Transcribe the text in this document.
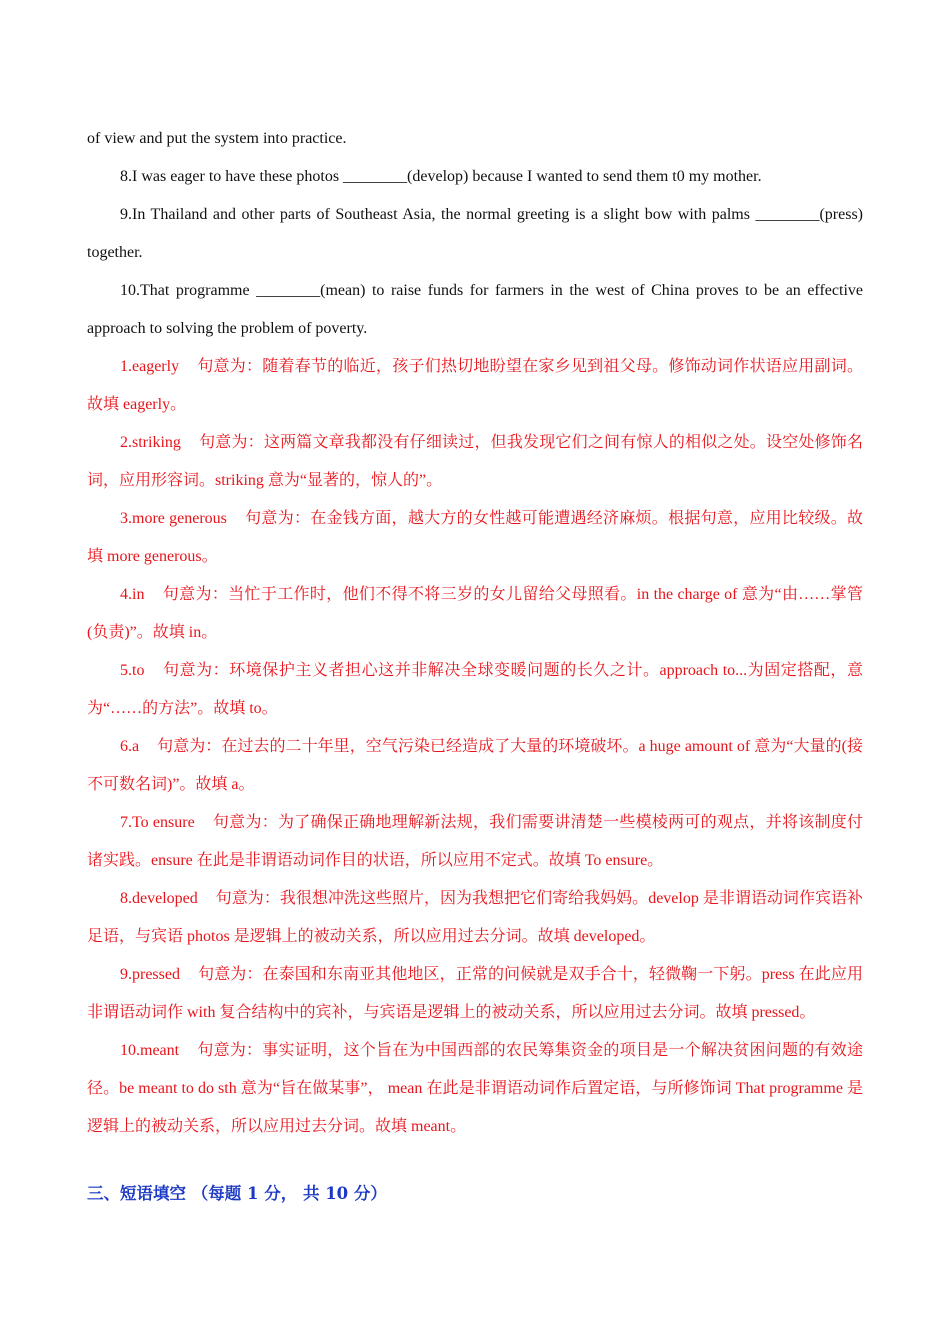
of view and put the system into practice.

8.I was eager to have these photos ________(develop) because I wanted to send them t0 my mother.

9.In Thailand and other parts of Southeast Asia, the normal greeting is a slight bow with palms ________(press) together.

10.That programme ________(mean) to raise funds for farmers in the west of China proves to be an effective approach to solving the problem of poverty.

1.eagerly 句意为：随着春节的临近，孩子们热切地盼望在家乡见到祖父母。修饰动词作状语应用副词。故填 eagerly。

2.striking 句意为：这两篇文章我都没有仔细读过，但我发现它们之间有惊人的相似之处。设空处修饰名词，应用形容词。striking 意为“显著的，惊人的”。

3.more generous 句意为：在金钱方面，越大方的女性越可能遭遇经济麻烦。根据句意，应用比较级。故填 more generous。

4.in 句意为：当忙于工作时，他们不得不将三岁的女儿留给父母照看。in the charge of 意为“由……掌管(负责)”。故填 in。

5.to 句意为：环境保护主义者担心这并非解决全球变暖问题的长久之计。approach to...为固定搭配，意为“……的方法”。故填 to。

6.a 句意为：在过去的二十年里，空气污染已经造成了大量的环境破坏。a huge amount of 意为“大量的(接不可数名词)”。故填 a。

7.To ensure 句意为：为了确保正确地理解新法规，我们需要讲清楚一些模棱两可的观点，并将该制度付诸实践。ensure 在此是非谓语动词作目的状语，所以应用不定式。故填 To ensure。

8.developed 句意为：我很想冲洗这些照片，因为我想把它们寄给我妈妈。develop 是非谓语动词作宾语补足语，与宾语 photos 是逻辑上的被动关系，所以应用过去分词。故填 developed。

9.pressed 句意为：在泰国和东南亚其他地区，正常的问候就是双手合十，轻微鞠一下躬。press 在此应用非谓语动词作 with 复合结构中的宾补，与宾语是逻辑上的被动关系，所以应用过去分词。故填 pressed。

10.meant 句意为：事实证明，这个旨在为中国西部的农民筹集资金的项目是一个解决贫困问题的有效途径。be meant to do sth 意为“旨在做某事”， mean 在此是非谓语动词作后置定语，与所修饰词 That programme 是逻辑上的被动关系，所以应用过去分词。故填 meant。

三、短语填空 （每题 1 分， 共 10 分）
